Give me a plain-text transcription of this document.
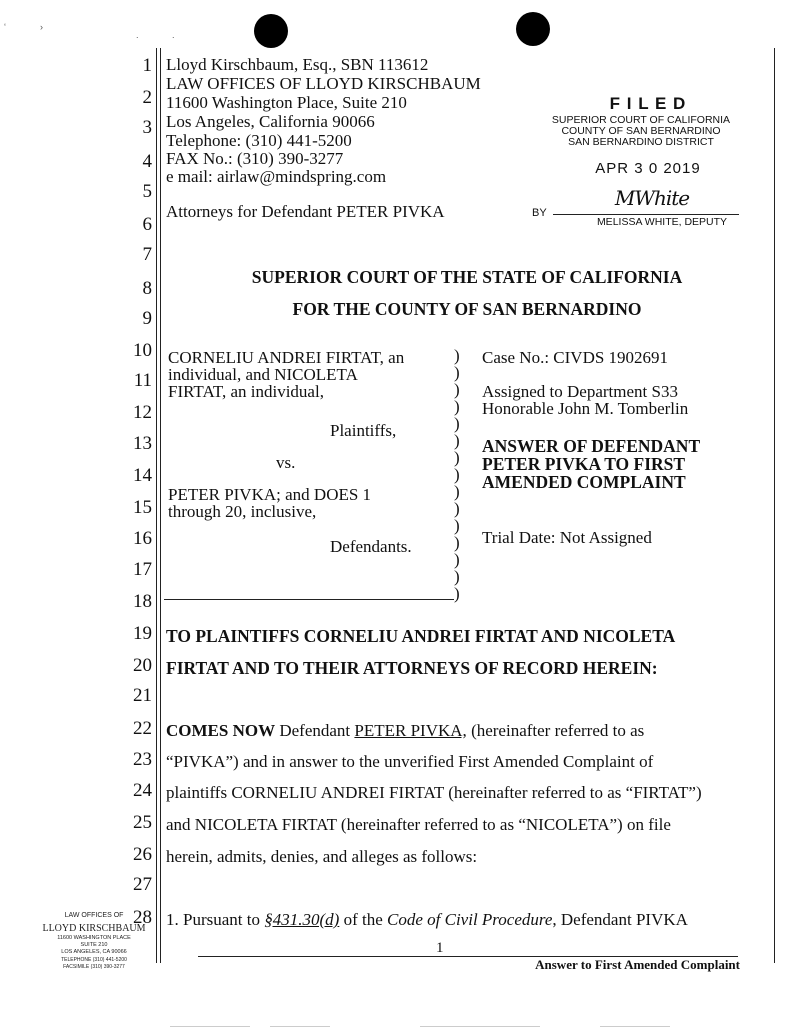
‘	›
.	.
1
2
3
4
5
6
7
8
9
10
11
12
13
14
15
16
17
18
19
20
21
22
23
24
25
26
27
28
Lloyd Kirschbaum, Esq., SBN 113612
LAW OFFICES OF LLOYD KIRSCHBAUM
11600 Washington Place, Suite 210
Los Angeles, California 90066
Telephone: (310) 441-5200
FAX No.: (310) 390-3277
e mail: airlaw@mindspring.com
Attorneys for Defendant PETER PIVKA
F I L E D
SUPERIOR COURT OF CALIFORNIA
COUNTY OF SAN BERNARDINO
SAN BERNARDINO DISTRICT
APR 3 0 2019
BY
MWhite
MELISSA WHITE, DEPUTY
SUPERIOR COURT OF THE STATE OF CALIFORNIA
FOR THE COUNTY OF SAN BERNARDINO
CORNELIU ANDREI FIRTAT, an
individual, and NICOLETA
FIRTAT, an individual,
Plaintiffs,
vs.
PETER PIVKA; and DOES 1
through 20, inclusive,
Defendants.
)
)
)
)
)
)
)
)
)
)
)
)
)
)
)
Case No.: CIVDS 1902691
Assigned to Department S33
Honorable John M. Tomberlin
ANSWER OF DEFENDANT
PETER PIVKA TO FIRST
AMENDED COMPLAINT
Trial Date: Not Assigned
TO PLAINTIFFS CORNELIU ANDREI FIRTAT AND NICOLETA
FIRTAT AND TO THEIR ATTORNEYS OF RECORD HEREIN:
COMES NOW Defendant PETER PIVKA, (hereinafter referred to as
“PIVKA”) and in answer to the unverified First Amended Complaint of
plaintiffs CORNELIU ANDREI FIRTAT (hereinafter referred to as “FIRTAT”)
and NICOLETA FIRTAT (hereinafter referred to as “NICOLETA”) on file
herein, admits, denies, and alleges as follows:
1. Pursuant to §431.30(d) of the Code of Civil Procedure, Defendant PIVKA
1
Answer to First Amended Complaint
LAW OFFICES OF
LLOYD KIRSCHBAUM
11600 WASHINGTON PLACE
SUITE 210
LOS ANGELES, CA 90066
TELEPHONE (310) 441-5200
FACSIMILE (310) 390-3277
